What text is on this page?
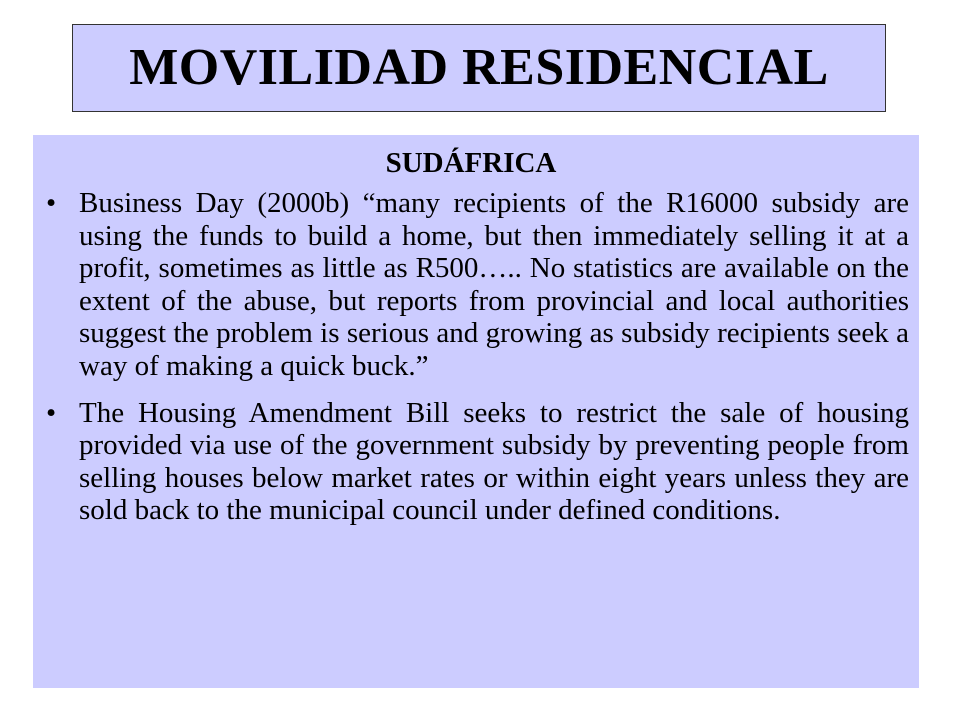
MOVILIDAD RESIDENCIAL
SUDÁFRICA
• Business Day (2000b) “many recipients of the R16000 subsidy are using the funds to build a home, but then immediately selling it at a profit, sometimes as little as R500….. No statistics are available on the extent of the abuse, but reports from provincial and local authorities suggest the problem is serious and growing as subsidy recipients seek a way of making a quick buck.”
• The Housing Amendment Bill seeks to restrict the sale of housing provided via use of the government subsidy by preventing people from selling houses below market rates or within eight years unless they are sold back to the municipal council under defined conditions.
